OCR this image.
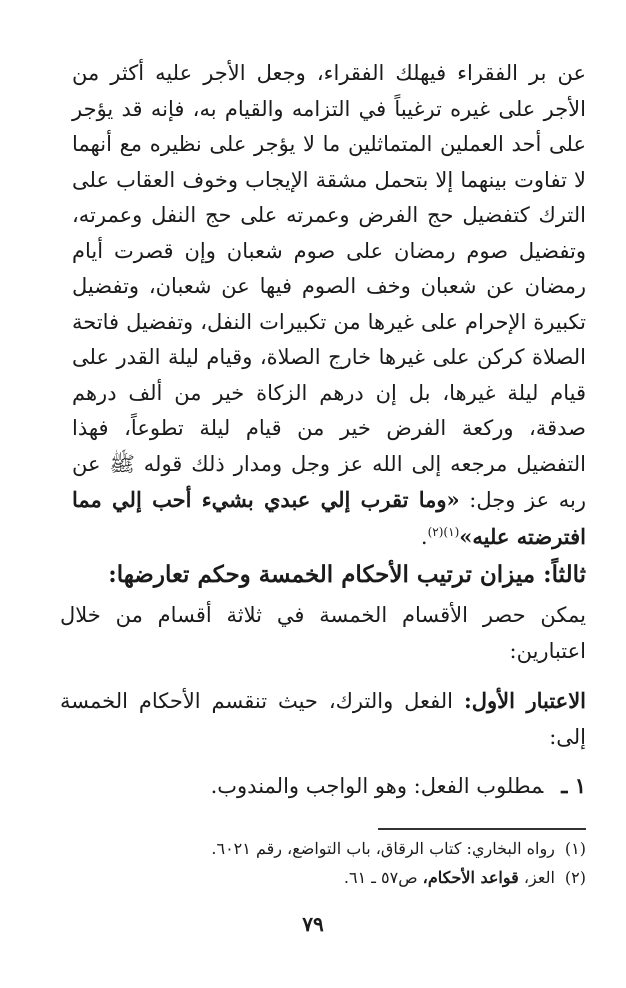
عن بر الفقراء فيهلك الفقراء، وجعل الأجر عليه أكثر من الأجر على غيره ترغيباً في التزامه والقيام به، فإنه قد يؤجر على أحد العملين المتماثلين ما لا يؤجر على نظيره مع أنهما لا تفاوت بينهما إلا بتحمل مشقة الإيجاب وخوف العقاب على الترك كتفضيل حج الفرض وعمرته على حج النفل وعمرته، وتفضيل صوم رمضان على صوم شعبان وإن قصرت أيام رمضان عن شعبان وخف الصوم فيها عن شعبان، وتفضيل تكبيرة الإحرام على غيرها من تكبيرات النفل، وتفضيل فاتحة الصلاة كركن على غيرها خارج الصلاة، وقيام ليلة القدر على قيام ليلة غيرها، بل إن درهم الزكاة خير من ألف درهم صدقة، وركعة الفرض خير من قيام ليلة تطوعاً، فهذا التفضيل مرجعه إلى الله عز وجل ومدار ذلك قوله ﷺ عن ربه عز وجل: «وما تقرب إلي عبدي بشيء أحب إلي مما افترضته عليه»$^{(١)(٢)}$.
ثالثاً: ميزان ترتيب الأحكام الخمسة وحكم تعارضها:
يمكن حصر الأقسام الخمسة في ثلاثة أقسام من خلال اعتبارين:
الاعتبار الأول: الفعل والترك، حيث تنقسم الأحكام الخمسة إلى:
١ ـمطلوب الفعل: وهو الواجب والمندوب.
(١)رواه البخاري: كتاب الرقاق، باب التواضع، رقم ٦٠٢١.
(٢)العز، قواعد الأحكام، ص٥٧ ـ ٦١.
٧٩
